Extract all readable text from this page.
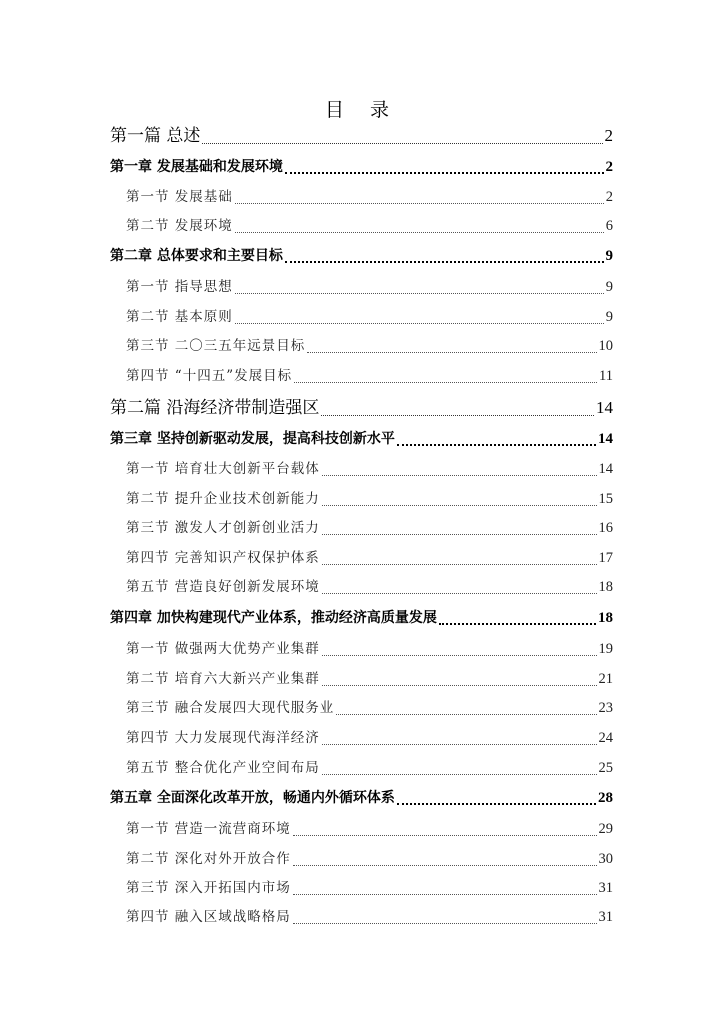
目 录
第一篇 总述	2
第一章 发展基础和发展环境	2
第一节 发展基础	2
第二节 发展环境	6
第二章 总体要求和主要目标	9
第一节 指导思想	9
第二节 基本原则	9
第三节 二〇三五年远景目标	10
第四节 “十四五”发展目标	11
第二篇 沿海经济带制造强区	14
第三章 坚持创新驱动发展，提高科技创新水平	14
第一节 培育壮大创新平台载体	14
第二节 提升企业技术创新能力	15
第三节 激发人才创新创业活力	16
第四节 完善知识产权保护体系	17
第五节 营造良好创新发展环境	18
第四章 加快构建现代产业体系，推动经济高质量发展	18
第一节 做强两大优势产业集群	19
第二节 培育六大新兴产业集群	21
第三节 融合发展四大现代服务业	23
第四节 大力发展现代海洋经济	24
第五节 整合优化产业空间布局	25
第五章 全面深化改革开放，畅通内外循环体系	28
第一节 营造一流营商环境	29
第二节 深化对外开放合作	30
第三节 深入开拓国内市场	31
第四节 融入区域战略格局	31
